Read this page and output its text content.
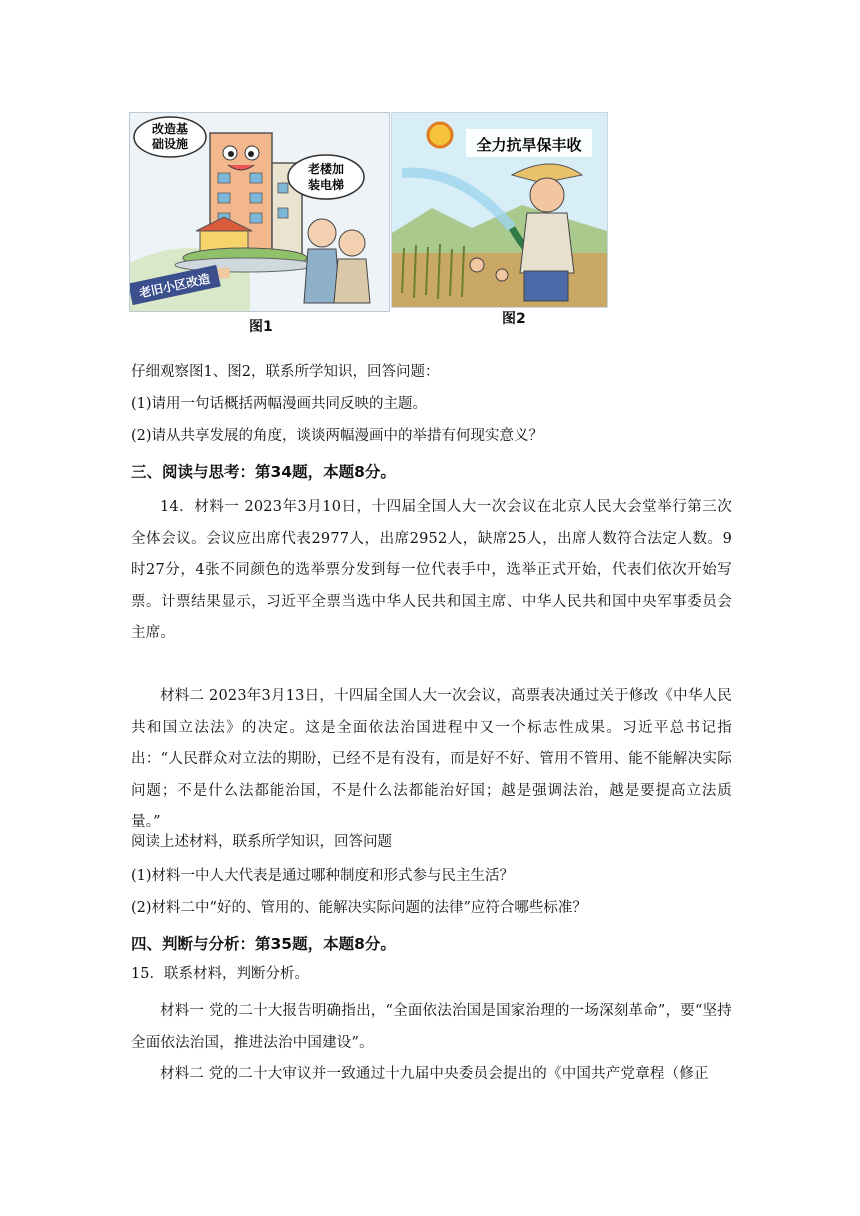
改造基
础设施
老楼加
装电梯
老旧小区改造
图1
全力抗旱保丰收
图2
仔细观察图1、图2，联系所学知识，回答问题：
(1)请用一句话概括两幅漫画共同反映的主题。
(2)请从共享发展的角度，谈谈两幅漫画中的举措有何现实意义？
三、阅读与思考：第34题，本题8分。
14．材料一 2023年3月10日，十四届全国人大一次会议在北京人民大会堂举行第三次全体会议。会议应出席代表2977人，出席2952人，缺席25人，出席人数符合法定人数。9时27分，4张不同颜色的选举票分发到每一位代表手中，选举正式开始，代表们依次开始写票。计票结果显示，习近平全票当选中华人民共和国主席、中华人民共和国中央军事委员会主席。
材料二 2023年3月13日，十四届全国人大一次会议，高票表决通过关于修改《中华人民共和国立法法》的决定。这是全面依法治国进程中又一个标志性成果。习近平总书记指出：“人民群众对立法的期盼，已经不是有没有，而是好不好、管用不管用、能不能解决实际问题；不是什么法都能治国，不是什么法都能治好国；越是强调法治，越是要提高立法质量。”
阅读上述材料，联系所学知识，回答问题
(1)材料一中人大代表是通过哪种制度和形式参与民主生活？
(2)材料二中“好的、管用的、能解决实际问题的法律”应符合哪些标准？
四、判断与分析：第35题，本题8分。
15．联系材料，判断分析。
材料一 党的二十大报告明确指出，“全面依法治国是国家治理的一场深刻革命”，要“坚持全面依法治国，推进法治中国建设”。
材料二 党的二十大审议并一致通过十九届中央委员会提出的《中国共产党章程（修正
